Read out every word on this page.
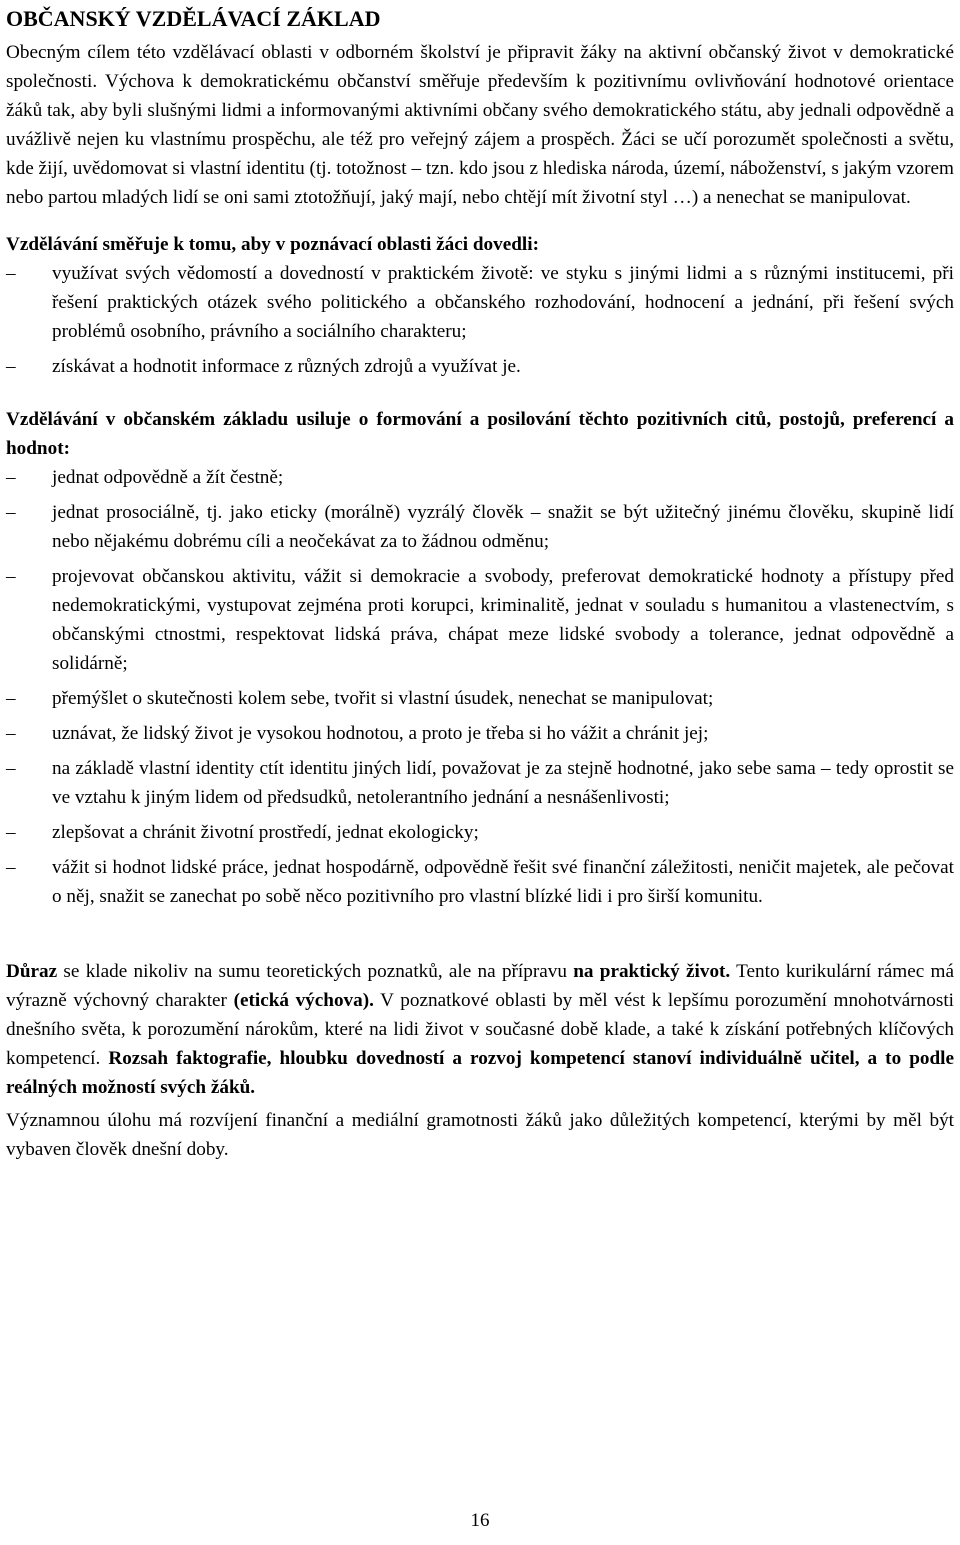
OBČANSKÝ VZDĚLÁVACÍ ZÁKLAD

Obecným cílem této vzdělávací oblasti v odborném školství je připravit žáky na aktivní občanský život v demokratické společnosti. Výchova k demokratickému občanství směřuje především k pozitivnímu ovlivňování hodnotové orientace žáků tak, aby byli slušnými lidmi a informovanými aktivními občany svého demokratického státu, aby jednali odpovědně a uvážlivě nejen ku vlastnímu prospěchu, ale též pro veřejný zájem a prospěch. Žáci se učí porozumět společnosti a světu, kde žijí, uvědomovat si vlastní identitu (tj. totožnost – tzn. kdo jsou z hlediska národa, území, náboženství, s jakým vzorem nebo partou mladých lidí se oni sami ztotožňují, jaký mají, nebo chtějí mít životní styl …) a nenechat se manipulovat.

Vzdělávání směřuje k tomu, aby v poznávací oblasti žáci dovedli:

–	využívat svých vědomostí a dovedností v praktickém životě: ve styku s jinými lidmi a s různými institucemi, při řešení praktických otázek svého politického a občanského rozhodování, hodnocení a jednání, při řešení svých problémů osobního, právního a sociálního charakteru;
–	získávat a hodnotit informace z různých zdrojů a využívat je.

Vzdělávání v občanském základu usiluje o formování a posilování těchto pozitivních citů, postojů, preferencí a hodnot:

–	jednat odpovědně a žít čestně;
–	jednat prosociálně, tj. jako eticky (morálně) vyzrálý člověk – snažit se být užitečný jinému člověku, skupině lidí nebo nějakému dobrému cíli a neočekávat za to žádnou odměnu;
–	projevovat občanskou aktivitu, vážit si demokracie a svobody, preferovat demokratické hodnoty a přístupy před nedemokratickými, vystupovat zejména proti korupci, kriminalitě, jednat v souladu s humanitou a vlastenectvím, s občanskými ctnostmi, respektovat lidská práva, chápat meze lidské svobody a tolerance, jednat odpovědně a solidárně;
–	přemýšlet o skutečnosti kolem sebe, tvořit si vlastní úsudek, nenechat se manipulovat;
–	uznávat, že lidský život je vysokou hodnotou, a proto je třeba si ho vážit a chránit jej;
–	na základě vlastní identity ctít identitu jiných lidí, považovat je za stejně hodnotné, jako sebe sama – tedy oprostit se ve vztahu k jiným lidem od předsudků, netolerantního jednání a nesnášenlivosti;
–	zlepšovat a chránit životní prostředí, jednat ekologicky;
–	vážit si hodnot lidské práce, jednat hospodárně, odpovědně řešit své finanční záležitosti, neničit majetek, ale pečovat o něj, snažit se zanechat po sobě něco pozitivního pro vlastní blízké lidi i pro širší komunitu.

Důraz se klade nikoliv na sumu teoretických poznatků, ale na přípravu na praktický život. Tento kurikulární rámec má výrazně výchovný charakter (etická výchova). V poznatkové oblasti by měl vést k lepšímu porozumění mnohotvárnosti dnešního světa, k porozumění nárokům, které na lidi život v současné době klade, a také k získání potřebných klíčových kompetencí. Rozsah faktografie, hloubku dovedností a rozvoj kompetencí stanoví individuálně učitel, a to podle reálných možností svých žáků.

Významnou úlohu má rozvíjení finanční a mediální gramotnosti žáků jako důležitých kompetencí, kterými by měl být vybaven člověk dnešní doby.

16
